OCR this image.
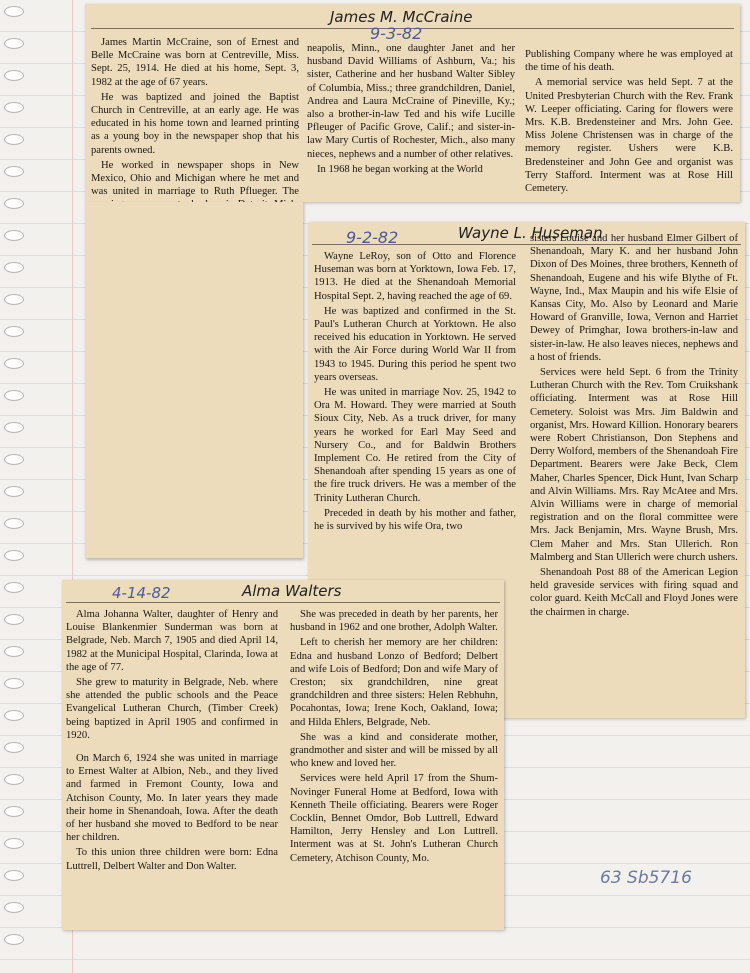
James M. McCraine

James Martin McCraine, son of Ernest and Belle McCraine was born at Centreville, Miss. Sept. 25, 1914. He died at his home, Sept. 3, 1982 at the age of 67 years.

He was baptized and joined the Baptist Church in Centreville, at an early age. He was educated in his home town and learned printing as a young boy in the newspaper shop that his parents owned.

He worked in newspaper shops in New Mexico, Ohio and Michigan where he met and was united in marriage to Ruth Pflueger. The

neapolis, Minn., one daughter Janet and her husband David Williams of Ashburn, Va.; his sister, Catherine and her husband Walter Sibley of Columbia, Miss.; three grandchildren, Daniel, Andrea and Laura McCraine of Pineville, Ky.; also a brother-in-law Ted and his wife Lucille Pfleuger of Pacific Grove, Calif.; and sister-in-law Mary Curtis of Rochester, Mich., also many nieces, nephews and a number of other relatives.

In 1968 he began working at the World

Publishing Company where he was employed at the time of his death.

A memorial service was held Sept. 7 at the United Presbyterian Church with the Rev. Frank W. Leeper officiating. Caring for flowers were Mrs. K.B. Bredensteiner and Mrs. John Gee. Miss Jolene Christensen was in charge of the memory register. Ushers were K.B. Bredensteiner and John Gee and organist was Terry Stafford. Interment was at Rose Hill Cemetery.

9-3-82
Wayne L. Huseman

Wayne LeRoy, son of Otto and Florence Huseman was born at Yorktown, Iowa Feb. 17, 1913. He died at the Shenandoah Memorial Hospital Sept. 2, having reached the age of 69.

He was baptized and confirmed in the St. Paul's Lutheran Church at Yorktown. He also received his education in Yorktown. He served with the Air Force during World War II from 1943 to 1945. During this period he spent two years overseas.

He was united in marriage Nov. 25, 1942 to Ora M. Howard. They were married at South Sioux City, Neb. As a truck driver, for many years he worked for Earl May Seed and Nursery Co., and for Baldwin Brothers Implement Co. He retired from the City of Shenandoah after spending 15 years as one of the fire truck drivers. He was a member of the Trinity Lutheran Church.

Preceded in death by his mother and father, he is survived by his wife Ora, two

sisters Louise and her husband Elmer Gilbert of Shenandoah, Mary K. and her husband John Dixon of Des Moines, three brothers, Kenneth of Shenandoah, Eugene and his wife Blythe of Ft. Wayne, Ind., Max Maupin and his wife Elsie of Kansas City, Mo. Also by Leonard and Marie Howard of Granville, Iowa, Vernon and Harriet Dewey of Primghar, Iowa brothers-in-law and sister-in-law. He also leaves nieces, nephews and a host of friends.

Services were held Sept. 6 from the Trinity Lutheran Church with the Rev. Tom Cruikshank officiating. Interment was at Rose Hill Cemetery. Soloist was Mrs. Jim Baldwin and organist, Mrs. Howard Killion. Honorary bearers were Robert Christianson, Don Stephens and Derry Wolford, members of the Shenandoah Fire Department. Bearers were Jake Beck, Clem Maher, Charles Spencer, Dick Hunt, Ivan Scharp and Alvin Williams. Mrs. Ray McAtee and Mrs. Alvin Williams were in charge of memorial registration and on the floral committee were Mrs. Jack Benjamin, Mrs. Wayne Brush, Mrs. Clem Maher and Mrs. Stan Ullerich. Ron Malmberg and Stan Ullerich were church ushers.

Shenandoah Post 88 of the American Legion held graveside services with firing squad and color guard. Keith McCall and Floyd Jones were the chairmen in charge.

9-2-82
Alma Walters

Alma Johanna Walter, daughter of Henry and Louise Blankenmier Sunderman was born at Belgrade, Neb. March 7, 1905 and died April 14, 1982 at the Municipal Hospital, Clarinda, Iowa at the age of 77.

She grew to maturity in Belgrade, Neb. where she attended the public schools and the Peace Evangelical Lutheran Church, (Timber Creek) being baptized in April 1905 and confirmed in 1920.

On March 6, 1924 she was united in marriage to Ernest Walter at Albion, Neb., and they lived and farmed in Fremont County, Iowa and Atchison County, Mo. In later years they made their home in Shenandoah, Iowa. After the death of her husband she moved to Bedford to be near her children.

To this union three children were born: Edna Luttrell, Delbert Walter and Don Walter.

She was preceded in death by her parents, her husband in 1962 and one brother, Adolph Walter.

Left to cherish her memory are her children: Edna and husband Lonzo of Bedford; Delbert and wife Lois of Bedford; Don and wife Mary of Creston; six grandchildren, nine great grandchildren and three sisters: Helen Rebhuhn, Pocahontas, Iowa; Irene Koch, Oakland, Iowa; and Hilda Ehlers, Belgrade, Neb.

She was a kind and considerate mother, grandmother and sister and will be missed by all who knew and loved her.

Services were held April 17 from the Shum-Novinger Funeral Home at Bedford, Iowa with Kenneth Theile officiating. Bearers were Roger Cocklin, Bennet Omdor, Bob Luttrell, Edward Hamilton, Jerry Hensley and Lon Luttrell. Interment was at St. John's Lutheran Church Cemetery, Atchison County, Mo.

4-14-82
63 Sb5716
